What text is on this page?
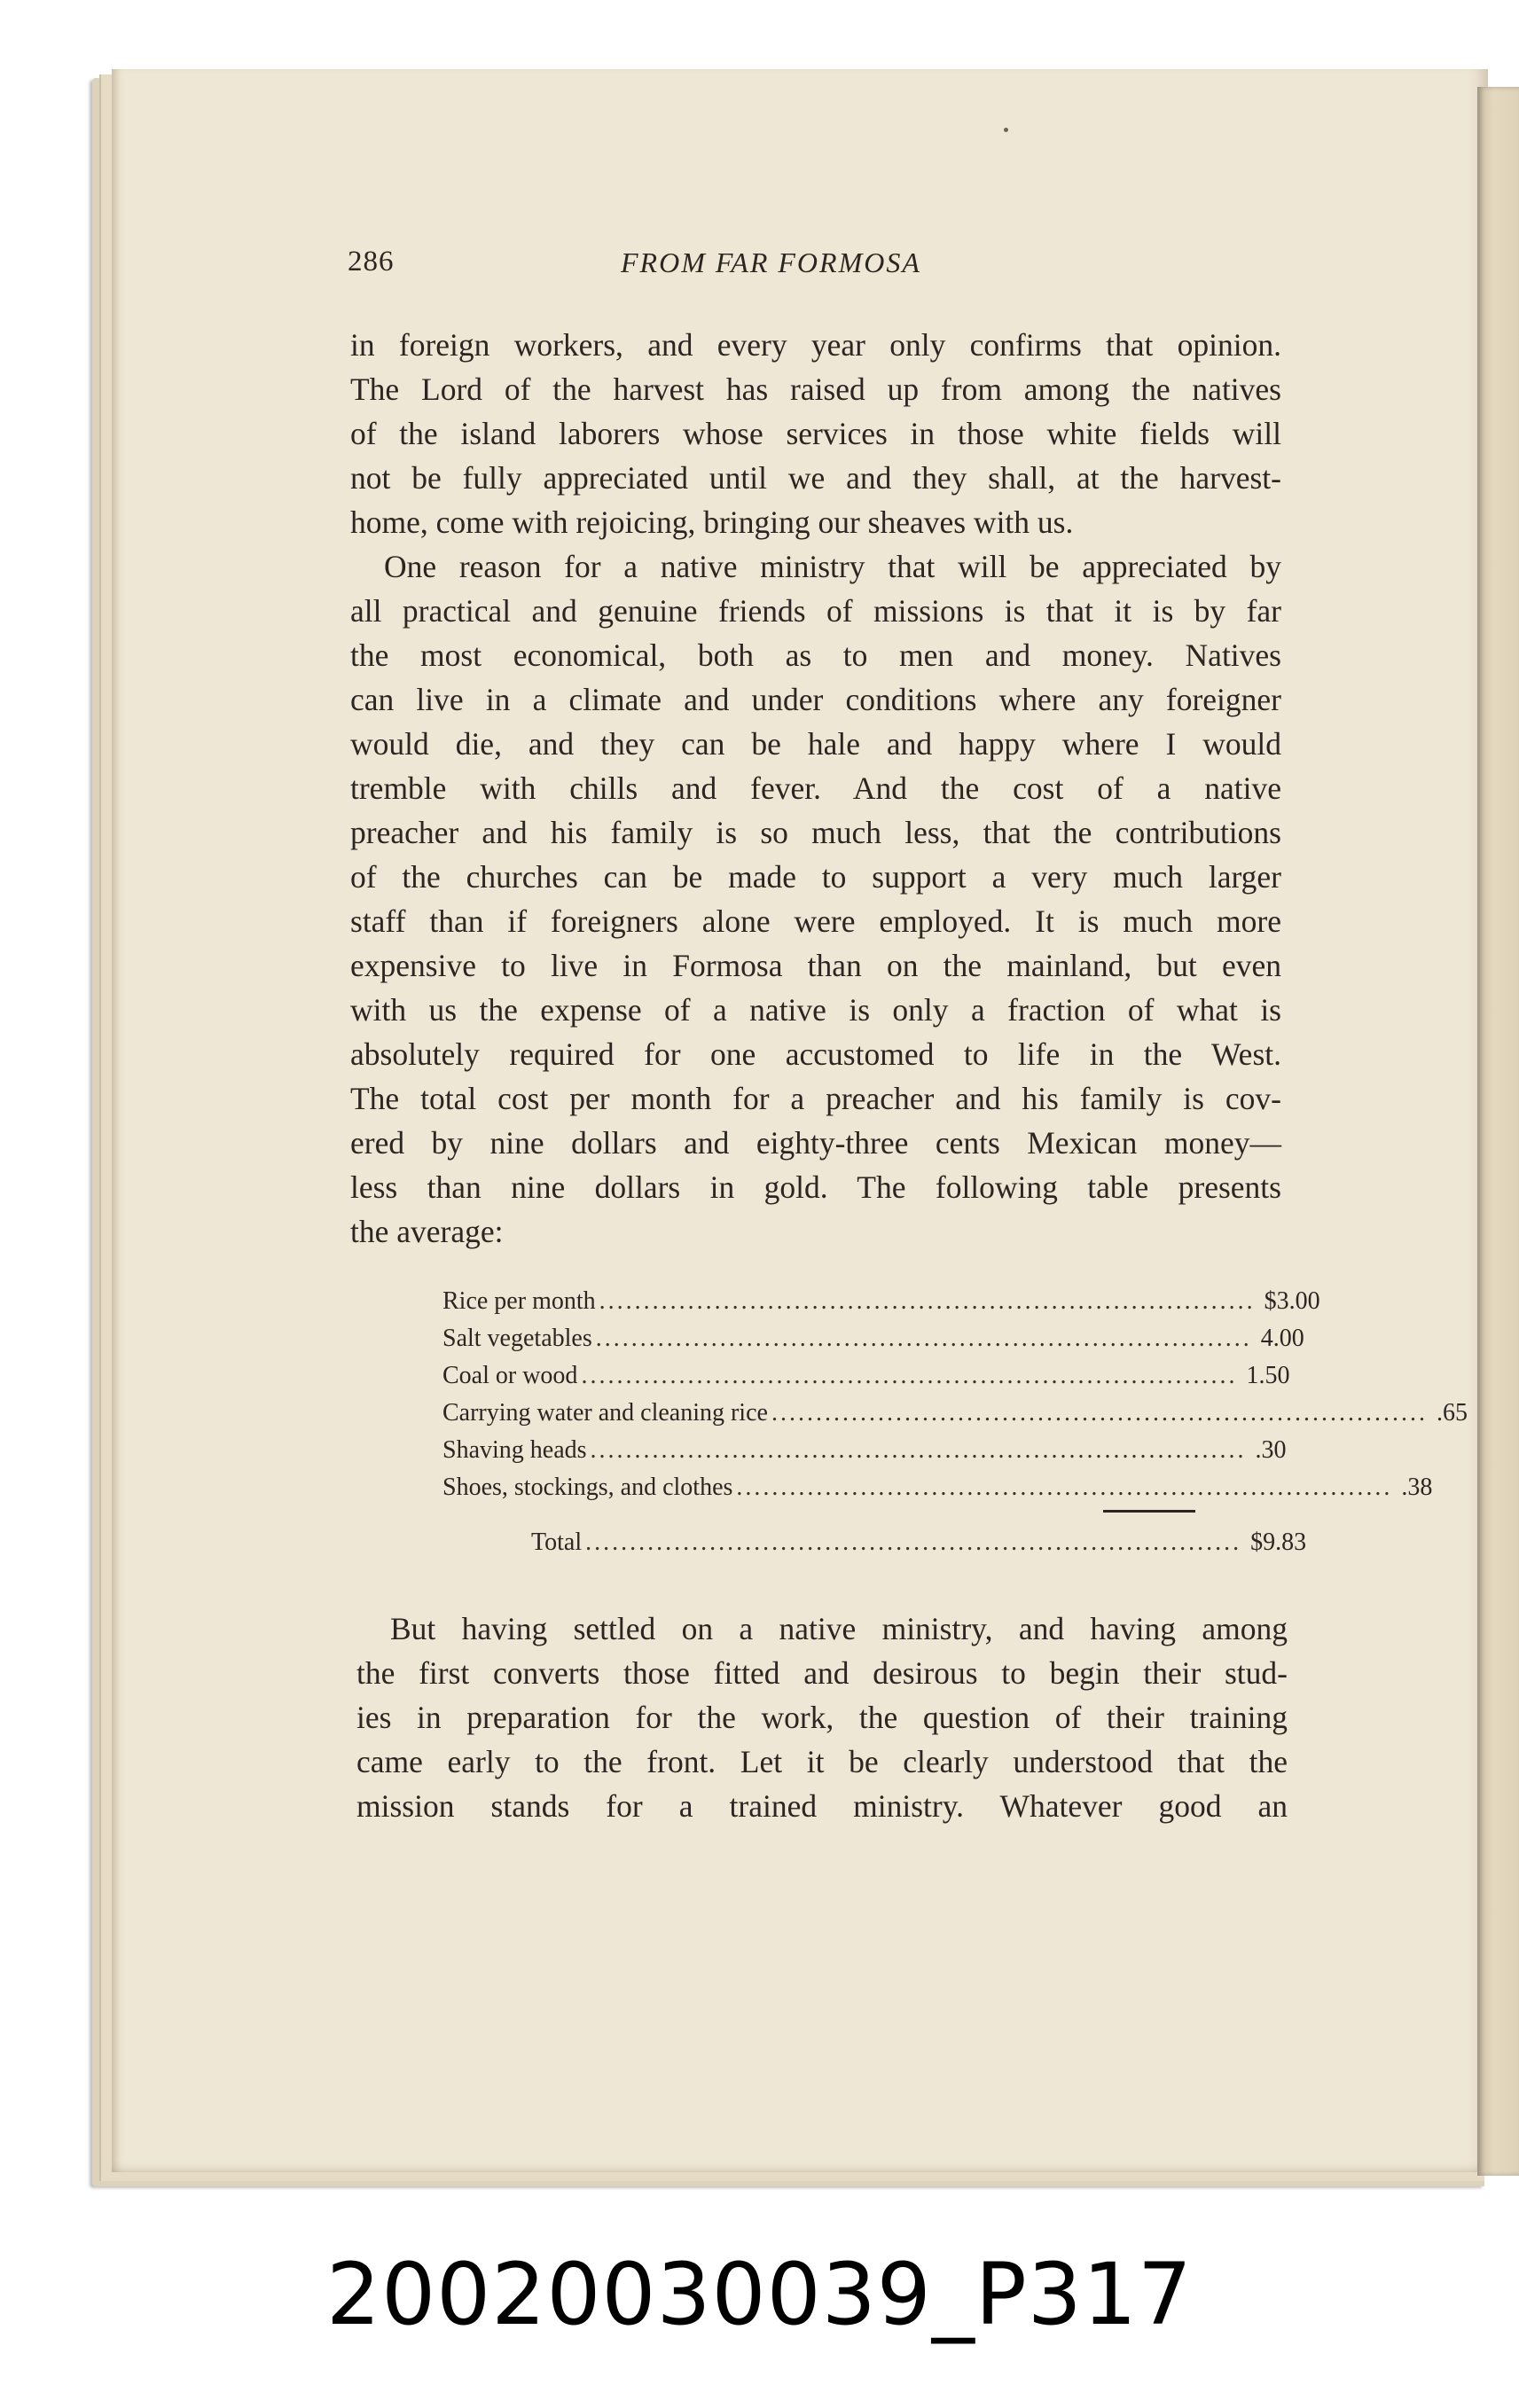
286	FROM FAR FORMOSA
in foreign workers, and every year only confirms that opinion.
The Lord of the harvest has raised up from among the natives
of the island laborers whose services in those white fields will
not be fully appreciated until we and they shall, at the harvest-
home, come with rejoicing, bringing our sheaves with us.
One reason for a native ministry that will be appreciated by
all practical and genuine friends of missions is that it is by far
the most economical, both as to men and money. Natives
can live in a climate and under conditions where any foreigner
would die, and they can be hale and happy where I would
tremble with chills and fever. And the cost of a native
preacher and his family is so much less, that the contributions
of the churches can be made to support a very much larger
staff than if foreigners alone were employed. It is much more
expensive to live in Formosa than on the mainland, but even
with us the expense of a native is only a fraction of what is
absolutely required for one accustomed to life in the West.
The total cost per month for a preacher and his family is cov-
ered by nine dollars and eighty-three cents Mexican money—
less than nine dollars in gold. The following table presents
the average:
Rice per month .......................................................................... $3.00
Salt vegetables .......................................................................... 4.00
Coal or wood .......................................................................... 1.50
Carrying water and cleaning rice .......................................................................... .65
Shaving heads .......................................................................... .30
Shoes, stockings, and clothes .......................................................................... .38
Total .......................................................................... $9.83
But having settled on a native ministry, and having among
the first converts those fitted and desirous to begin their stud-
ies in preparation for the work, the question of their training
came early to the front. Let it be clearly understood that the
mission stands for a trained ministry. Whatever good an
20020030039_P317
